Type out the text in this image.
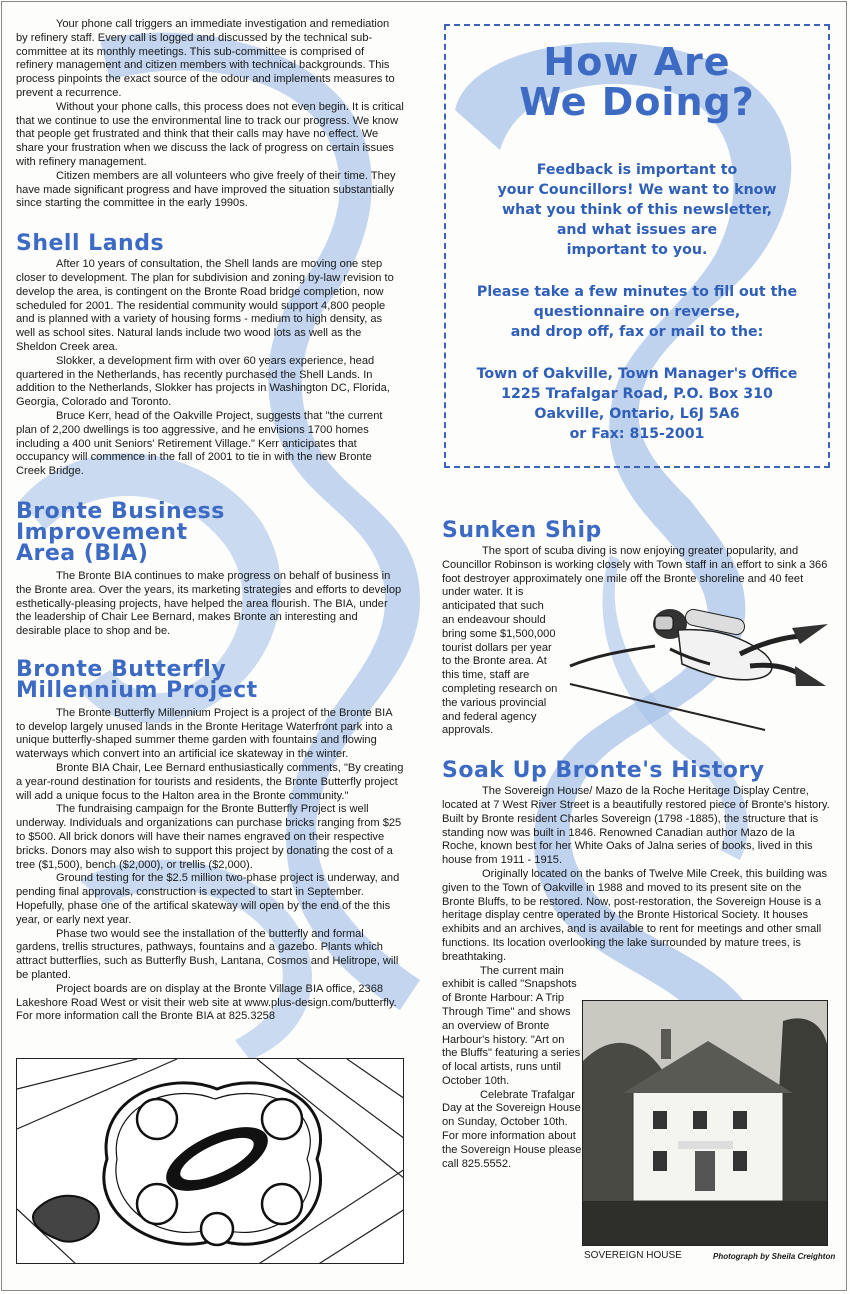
Your phone call triggers an immediate investigation and remediation by refinery staff. Every call is logged and discussed by the technical sub-committee at its monthly meetings. This sub-committee is comprised of refinery management and citizen members with technical backgrounds. This process pinpoints the exact source of the odour and implements measures to prevent a recurrence.

Without your phone calls, this process does not even begin. It is critical that we continue to use the environmental line to track our progress. We know that people get frustrated and think that their calls may have no effect. We share your frustration when we discuss the lack of progress on certain issues with refinery management.

Citizen members are all volunteers who give freely of their time. They have made significant progress and have improved the situation substantially since starting the committee in the early 1990s.

Shell Lands

After 10 years of consultation, the Shell lands are moving one step closer to development. The plan for subdivision and zoning by-law revision to develop the area, is contingent on the Bronte Road bridge completion, now scheduled for 2001. The residential community would support 4,800 people and is planned with a variety of housing forms - medium to high density, as well as school sites. Natural lands include two wood lots as well as the Sheldon Creek area.

Slokker, a development firm with over 60 years experience, head quartered in the Netherlands, has recently purchased the Shell Lands. In addition to the Netherlands, Slokker has projects in Washington DC, Florida, Georgia, Colorado and Toronto.

Bruce Kerr, head of the Oakville Project, suggests that "the current plan of 2,200 dwellings is too aggressive, and he envisions 1700 homes including a 400 unit Seniors' Retirement Village." Kerr anticipates that occupancy will commence in the fall of 2001 to tie in with the new Bronte Creek Bridge.

Bronte Business Improvement
Area (BIA)

The Bronte BIA continues to make progress on behalf of business in the Bronte area. Over the years, its marketing strategies and efforts to develop esthetically-pleasing projects, have helped the area flourish. The BIA, under the leadership of Chair Lee Bernard, makes Bronte an interesting and desirable place to shop and be.

Bronte Butterfly
Millennium Project

The Bronte Butterfly Millennium Project is a project of the Bronte BIA to develop largely unused lands in the Bronte Heritage Waterfront park into a unique butterfly-shaped summer theme garden with fountains and flowing waterways which convert into an artificial ice skateway in the winter.

Bronte BIA Chair, Lee Bernard enthusiastically comments, "By creating a year-round destination for tourists and residents, the Bronte Butterfly project will add a unique focus to the Halton area in the Bronte community."

The fundraising campaign for the Bronte Butterfly Project is well underway. Individuals and organizations can purchase bricks ranging from $25 to $500. All brick donors will have their names engraved on their respective bricks. Donors may also wish to support this project by donating the cost of a tree ($1,500), bench ($2,000), or trellis ($2,000).

Ground testing for the $2.5 million two-phase project is underway, and pending final approvals, construction is expected to start in September. Hopefully, phase one of the artifical skateway will open by the end of the this year, or early next year.

Phase two would see the installation of the butterfly and formal gardens, trellis structures, pathways, fountains and a gazebo. Plants which attract butterflies, such as Butterfly Bush, Lantana, Cosmos and Helitrope, will be planted.

Project boards are on display at the Bronte Village BIA office, 2368 Lakeshore Road West or visit their web site at www.plus-design.com/butterfly. For more information call the Bronte BIA at 825.3258

How Are
We Doing?
Feedback is important to
your Councillors! We want to know
what you think of this newsletter,
and what issues are
important to you.
Please take a few minutes to fill out the
questionnaire on reverse,
and drop off, fax or mail to the:
Town of Oakville, Town Manager's Office
1225 Trafalgar Road, P.O. Box 310
Oakville, Ontario, L6J 5A6
or Fax: 815-2001
Sunken Ship

The sport of scuba diving is now enjoying greater popularity, and Councillor Robinson is working closely with Town staff in an effort to sink a 366 foot destroyer approximately one mile off the Bronte shoreline and 40 feet

under water. It is
anticipated that such
an endeavour should
bring some $1,500,000
tourist dollars per year
to the Bronte area. At
this time, staff are
completing research on
the various provincial
and federal agency
approvals.
Soak Up Bronte's History

The Sovereign House/ Mazo de la Roche Heritage Display Centre, located at 7 West River Street is a beautifully restored piece of Bronte's history. Built by Bronte resident Charles Sovereign (1798 -1885), the structure that is standing now was built in 1846. Renowned Canadian author Mazo de la Roche, known best for her White Oaks of Jalna series of books, lived in this house from 1911 - 1915.

Originally located on the banks of Twelve Mile Creek, this building was given to the Town of Oakville in 1988 and moved to its present site on the Bronte Bluffs, to be restored. Now, post-restoration, the Sovereign House is a heritage display centre operated by the Bronte Historical Society. It houses exhibits and an archives, and is available to rent for meetings and other small functions. Its location overlooking the lake surrounded by mature trees, is breathtaking.

The current main
exhibit is called "Snapshots
of Bronte Harbour: A Trip
Through Time" and shows
an overview of Bronte
Harbour's history. "Art on
the Bluffs" featuring a series
of local artists, runs until
October 10th.
Celebrate Trafalgar
Day at the Sovereign House
on Sunday, October 10th.
For more information about
the Sovereign House please
call 825.5552.
SOVEREIGN HOUSE	Photograph by Sheila Creighton
